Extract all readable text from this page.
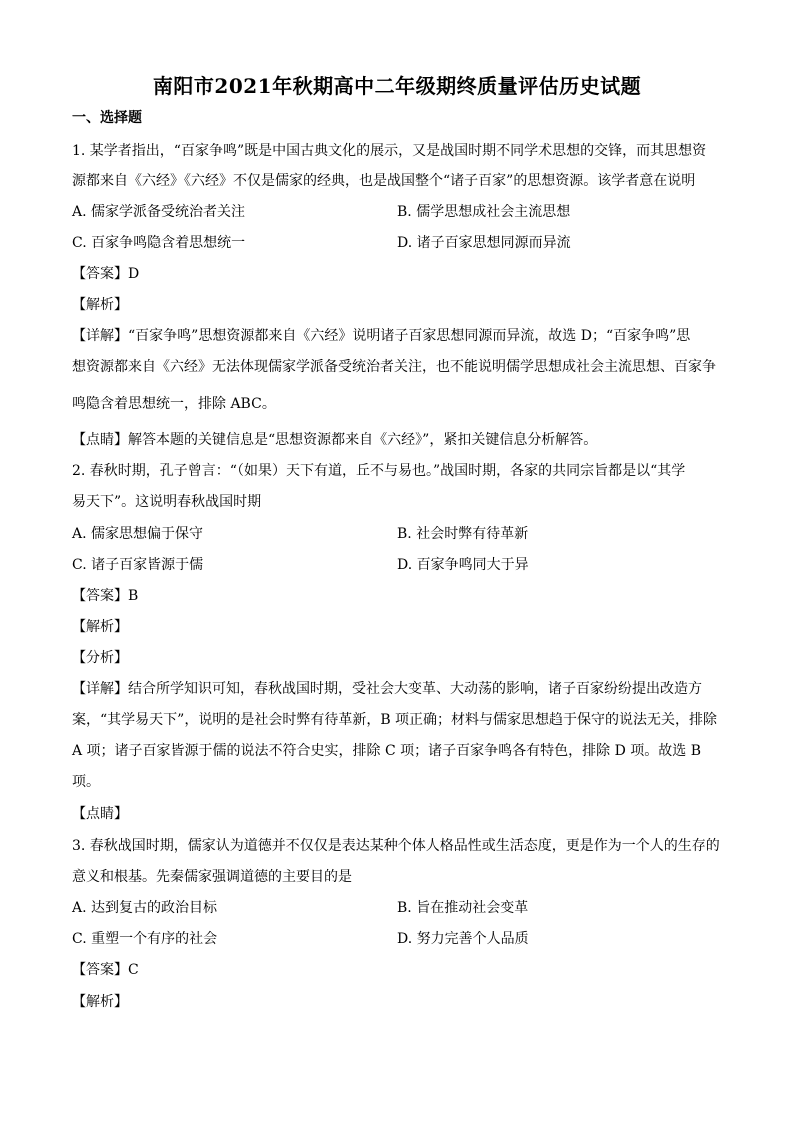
南阳市2021年秋期高中二年级期终质量评估历史试题
一、选择题
1. 某学者指出，“百家争鸣”既是中国古典文化的展示，又是战国时期不同学术思想的交锋，而其思想资
源都来自《六经》《六经》不仅是儒家的经典，也是战国整个“诸子百家”的思想资源。该学者意在说明
A. 儒家学派备受统治者关注	B. 儒学思想成社会主流思想
C. 百家争鸣隐含着思想统一	D. 诸子百家思想同源而异流
【答案】D
【解析】
【详解】“百家争鸣”思想资源都来自《六经》说明诸子百家思想同源而异流，故选 D；“百家争鸣”思
想资源都来自《六经》无法体现儒家学派备受统治者关注，也不能说明儒学思想成社会主流思想、百家争
鸣隐含着思想统一，排除 ABC。
【点睛】解答本题的关键信息是“思想资源都来自《六经》”，紧扣关键信息分析解答。
2. 春秋时期，孔子曾言：“（如果）天下有道，丘不与易也。”战国时期，各家的共同宗旨都是以“其学
易天下”。这说明春秋战国时期
A. 儒家思想偏于保守	B. 社会时弊有待革新
C. 诸子百家皆源于儒	D. 百家争鸣同大于异
【答案】B
【解析】
【分析】
【详解】结合所学知识可知，春秋战国时期，受社会大变革、大动荡的影响，诸子百家纷纷提出改造方
案，“其学易天下”，说明的是社会时弊有待革新，B 项正确；材料与儒家思想趋于保守的说法无关，排除
A 项；诸子百家皆源于儒的说法不符合史实，排除 C 项；诸子百家争鸣各有特色，排除 D 项。故选 B
项。
【点睛】
3. 春秋战国时期，儒家认为道德并不仅仅是表达某种个体人格品性或生活态度，更是作为一个人的生存的
意义和根基。先秦儒家强调道德的主要目的是
A. 达到复古的政治目标	B. 旨在推动社会变革
C. 重塑一个有序的社会	D. 努力完善个人品质
【答案】C
【解析】
